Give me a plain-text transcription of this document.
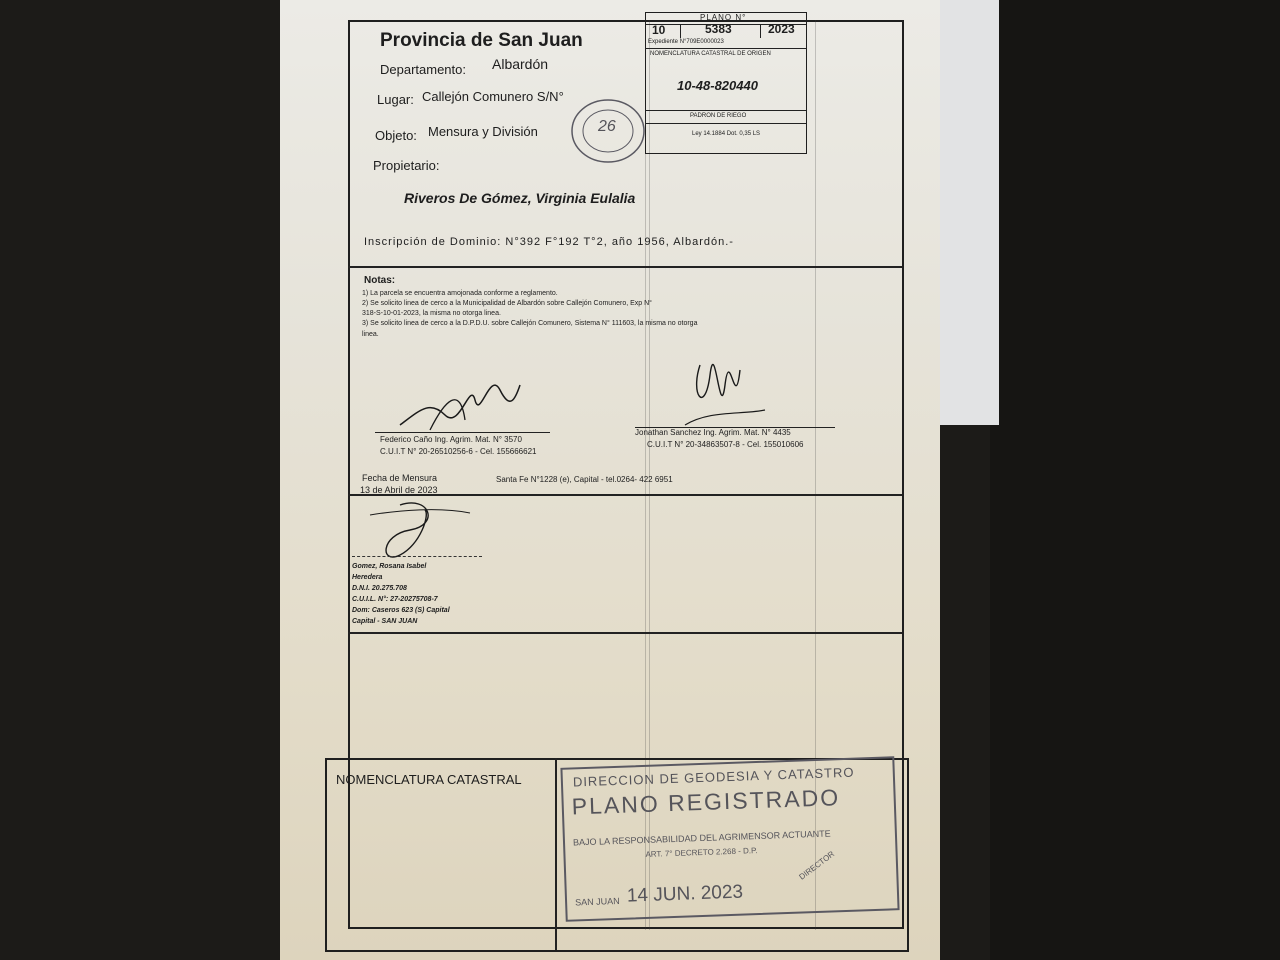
Provincia de San Juan
Departamento: Albardón
Lugar: Callejón Comunero S/N°
Objeto: Mensura y División
Propietario:
Riveros De Gómez, Virginia Eulalia
Inscripción de Dominio: N°392 F°192 T°2, año 1956, Albardón.-
PLANO N°
10	5383	2023
Expediente N°709E0000023
NOMENCLATURA CATASTRAL DE ORIGEN
10-48-820440
PADRON DE RIEGO
Ley 14.1884 Dot. 0,35 LS
26
Notas:
1) La parcela se encuentra amojonada conforme a reglamento.
2) Se solicito linea de cerco a la Municipalidad de Albardón sobre Callejón Comunero, Exp N°
318-S-10-01-2023, la misma no otorga linea.
3) Se solicito linea de cerco a la D.P.D.U. sobre Callejón Comunero, Sistema N° 111603, la misma no otorga
linea.
Federico Caño Ing. Agrim. Mat. N° 3570
C.U.I.T N° 20-26510256-6 - Cel. 155666621
Jonathan Sanchez Ing. Agrim. Mat. N° 4435
C.U.I.T N° 20-34863507-8 - Cel. 155010606
Fecha de Mensura
13 de Abril de 2023
Santa Fe N°1228 (e), Capital - tel.0264- 422 6951
Gomez, Rosana Isabel
Heredera
D.N.I. 20.275.708
C.U.I.L. N°: 27-20275708-7
Dom: Caseros 623 (S) Capital
Capital - SAN JUAN
NOMENCLATURA CATASTRAL	DIRECCION DE GEODESIA Y CATASTRO
PLANO REGISTRADO
BAJO LA RESPONSABILIDAD DEL AGRIMENSOR ACTUANTE
ART. 7° DECRETO 2.268 - D.P.
SAN JUAN 14 JUN. 2023
DIRECTOR
